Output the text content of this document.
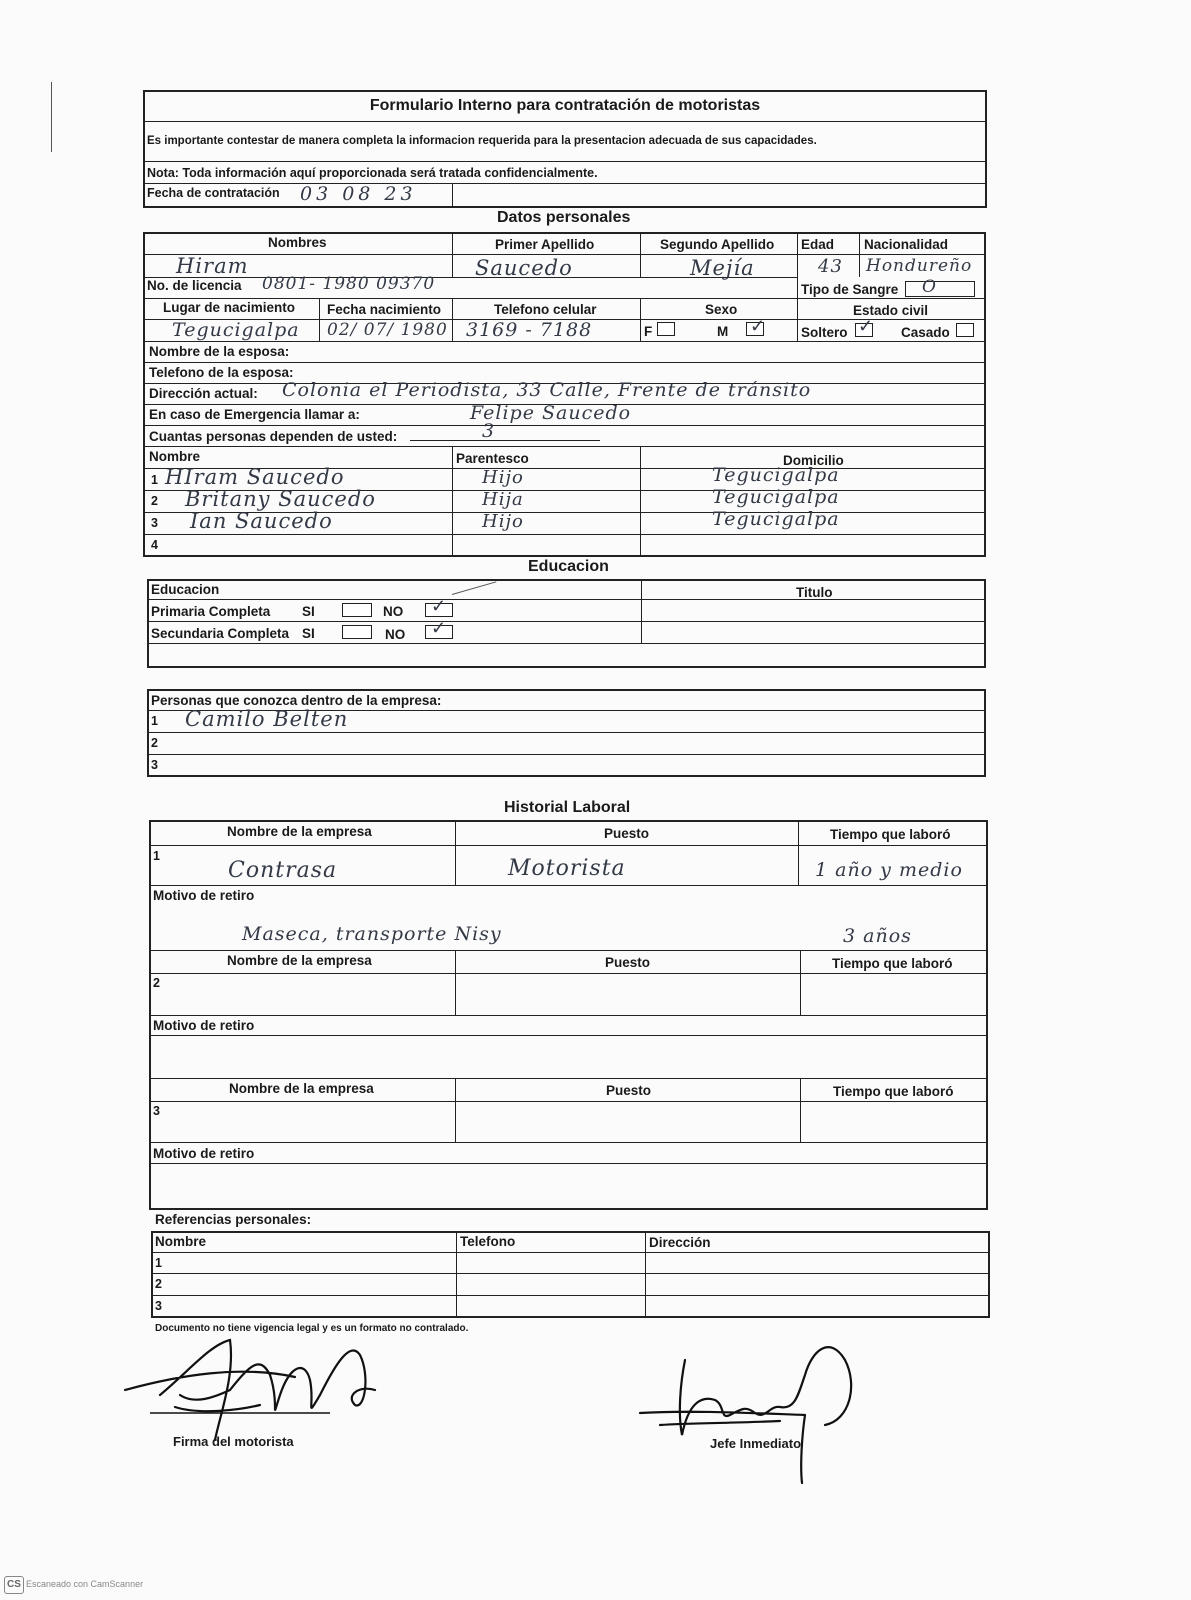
Formulario Interno para contratación de motoristas
Es importante contestar de manera completa la informacion requerida para la presentacion adecuada de sus capacidades.
Nota: Toda información aquí proporcionada será tratada confidencialmente.
Fecha de contratación 03 08 23
Datos personales
Nombres	Primer Apellido	Segundo Apellido Edad Nacionalidad
Hiram	Saucedo	Mejía	43 Hondureño
No. de licencia 0801- 1980 09370	Tipo de Sangre O
Lugar de nacimiento Fecha nacimiento	Telefono celular	Sexo	Estado civil
Tegucigalpa 02/ 07/ 1980 3169 - 7188	F	M ✓	Soltero ✓ Casado
Nombre de la esposa:
Telefono de la esposa:
Dirección actual: Colonia el Periodista, 33 Calle, Frente de tránsito
En caso de Emergencia llamar a:	Felipe Saucedo
Cuantas personas dependen de usted:	3
Nombre	Parentesco	Domicilio
1 HIram Saucedo	Hijo	Tegucigalpa
2 Britany Saucedo	Hija	Tegucigalpa
3 Ian Saucedo	Hijo	Tegucigalpa
4
Educacion
Educacion	Titulo
Primaria Completa SI	NO ✓
Secundaria Completa SI	NO ✓
Personas que conozca dentro de la empresa:
1 Camilo Belten
2
3
Historial Laboral
Nombre de la empresa	Puesto	Tiempo que laboró
1
Contrasa	Motorista	1 año y medio
Motivo de retiro
Maseca, transporte Nisy	3 años
Nombre de la empresa	Puesto	Tiempo que laboró
2
Motivo de retiro
Nombre de la empresa	Puesto	Tiempo que laboró
3
Motivo de retiro
Referencias personales:
Nombre	Telefono	Dirección
1
2
3
Documento no tiene vigencia legal y es un formato no contralado.
Firma del motorista	Jefe Inmediato
CS Escaneado con CamScanner
